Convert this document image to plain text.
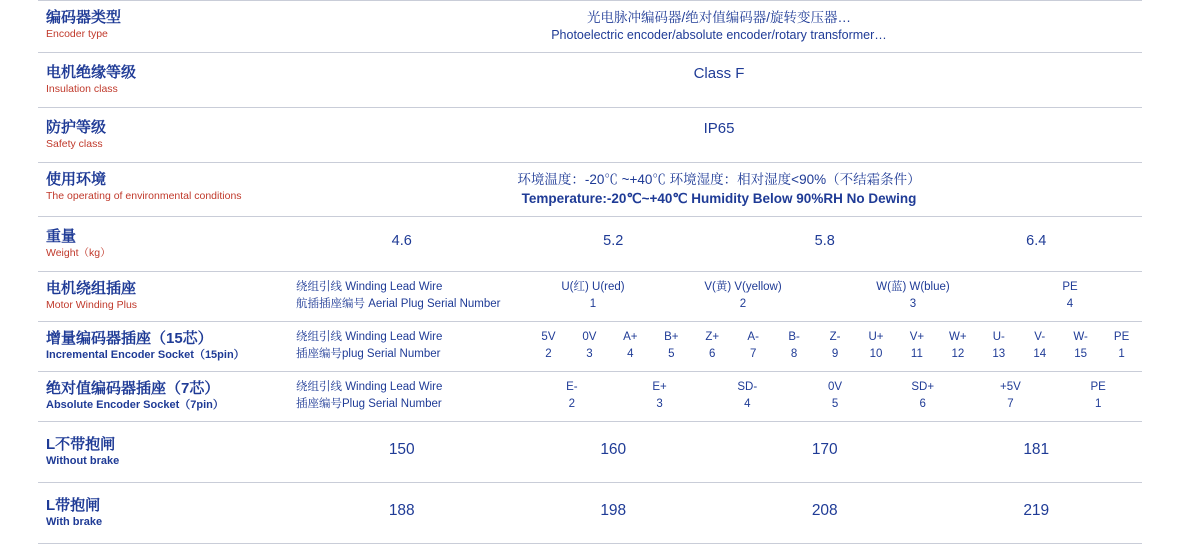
编码器类型
Encoder type
光电脉冲编码器/绝对值编码器/旋转变压器…
Photoelectric encoder/absolute encoder/rotary transformer…
电机绝缘等级
Insulation class
Class F
防护等级
Safety class
IP65
使用环境
The operating of environmental conditions
环境温度：-20℃ ~+40℃ 环境湿度：相对湿度<90%（不结霜条件）
Temperature:-20℃~+40℃ Humidity Below 90%RH No Dewing
重量
Weight（kg）
4.6	5.2	5.8	6.4
电机绕组插座
Motor Winding Plus
绕组引线 Winding Lead Wire
航插插座编号 Aerial Plug Serial Number
U(红) U(red)	V(黄) V(yellow)	W(蓝) W(blue)	PE
1	2	3	4
增量编码器插座（15芯）
Incremental Encoder Socket（15pin）
绕组引线 Winding Lead Wire
插座编号plug Serial Number
5V	0V	A+	B+	Z+	A-	B-	Z-	U+	V+	W+	U-	V-	W-	PE
2	3	4	5	6	7	8	9	10	11	12	13	14	15	1
绝对值编码器插座（7芯）
Absolute Encoder Socket（7pin）
绕组引线 Winding Lead Wire
插座编号Plug Serial Number
E-	E+	SD-	0V	SD+	+5V	PE
2	3	4	5	6	7	1
L不带抱闸
Without brake
150	160	170	181
L带抱闸
With brake
188	198	208	219
